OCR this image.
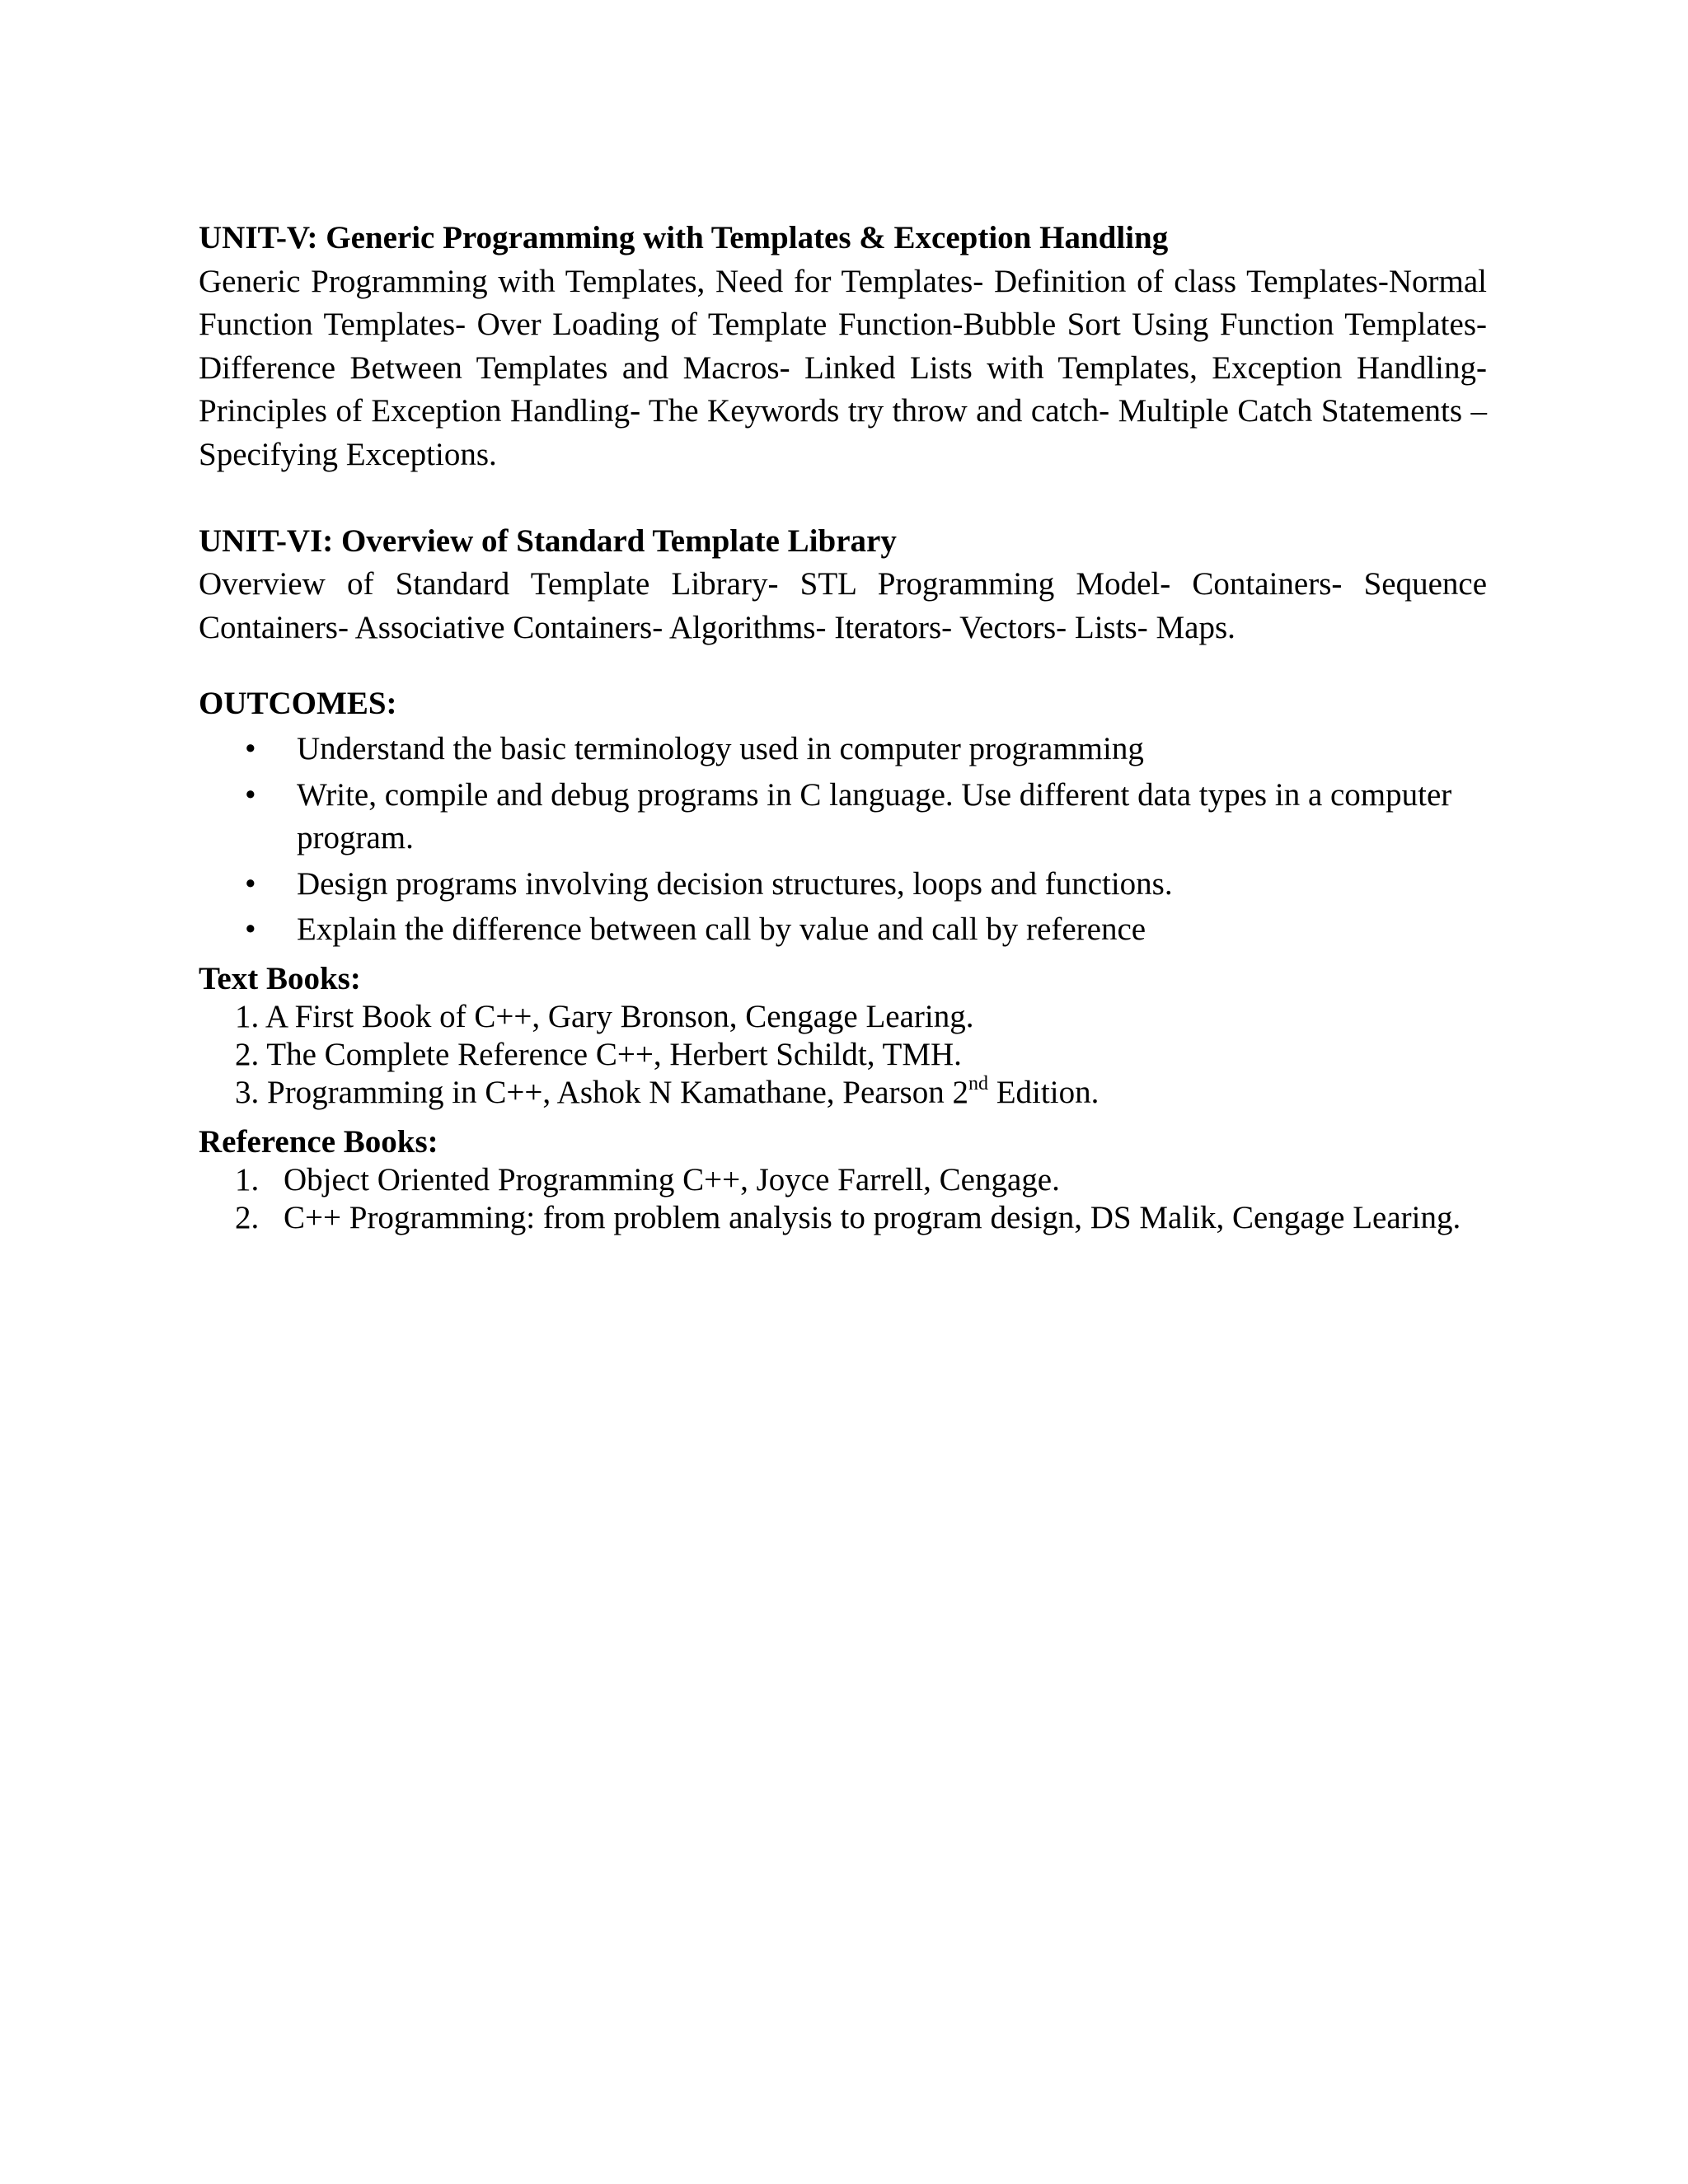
UNIT-V: Generic Programming with Templates & Exception Handling

Generic Programming with Templates, Need for Templates- Definition of class Templates-Normal Function Templates- Over Loading of Template Function-Bubble Sort Using Function Templates- Difference Between Templates and Macros- Linked Lists with Templates, Exception Handling- Principles of Exception Handling- The Keywords try throw and catch- Multiple Catch Statements –Specifying Exceptions.

UNIT-VI: Overview of Standard Template Library

Overview of Standard Template Library- STL Programming Model- Containers- Sequence Containers- Associative Containers- Algorithms- Iterators- Vectors- Lists- Maps.

OUTCOMES:

• Understand the basic terminology used in computer programming
• Write, compile and debug programs in C language. Use different data types in a computer program.
• Design programs involving decision structures, loops and functions.
• Explain the difference between call by value and call by reference

Text Books:

1. A First Book of C++, Gary Bronson, Cengage Learing.
2. The Complete Reference C++, Herbert Schildt, TMH.
3. Programming in C++, Ashok N Kamathane, Pearson 2nd Edition.

Reference Books:

1. Object Oriented Programming C++, Joyce Farrell, Cengage.
2. C++ Programming: from problem analysis to program design, DS Malik, Cengage Learing.
